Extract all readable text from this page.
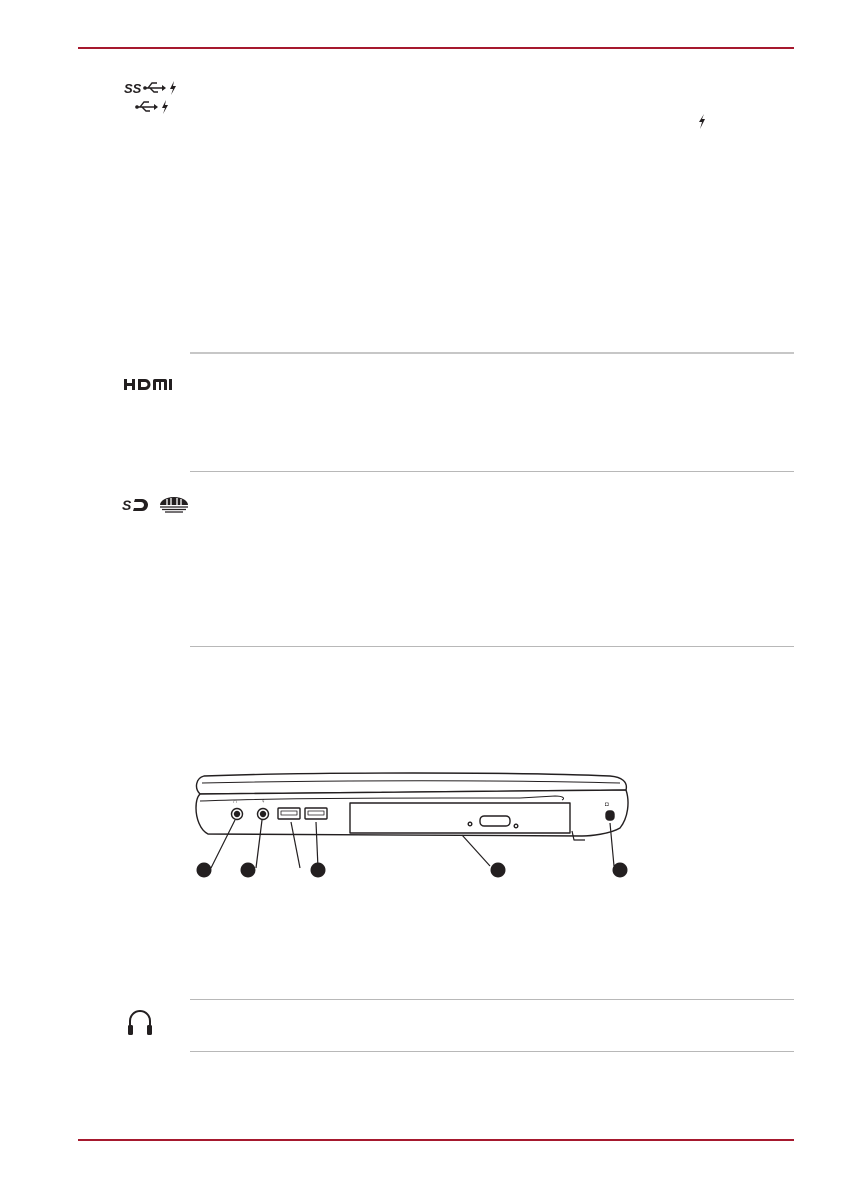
SS
S
∩	♀	◘
